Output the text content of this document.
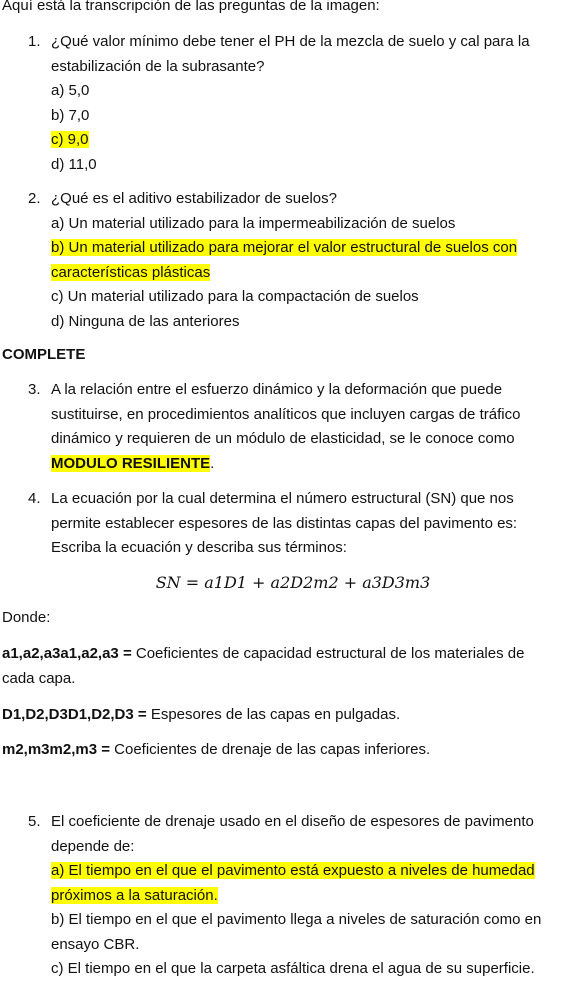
Aquí está la transcripción de las preguntas de la imagen:
1. ¿Qué valor mínimo debe tener el PH de la mezcla de suelo y cal para la
estabilización de la subrasante?
a) 5,0
b) 7,0
c) 9,0
d) 11,0
2. ¿Qué es el aditivo estabilizador de suelos?
a) Un material utilizado para la impermeabilización de suelos
b) Un material utilizado para mejorar el valor estructural de suelos con
características plásticas
c) Un material utilizado para la compactación de suelos
d) Ninguna de las anteriores
COMPLETE
3. A la relación entre el esfuerzo dinámico y la deformación que puede
sustituirse, en procedimientos analíticos que incluyen cargas de tráfico
dinámico y requieren de un módulo de elasticidad, se le conoce como
MODULO RESILIENTE.
4. La ecuación por la cual determina el número estructural (SN) que nos
permite establecer espesores de las distintas capas del pavimento es:
Escriba la ecuación y describa sus términos:
SN = a1D1 + a2D2m2 + a3D3m3
Donde:
a1,a2,a3a1,a2,a3 = Coeficientes de capacidad estructural de los materiales de
cada capa.
D1,D2,D3D1,D2,D3 = Espesores de las capas en pulgadas.
m2,m3m2,m3 = Coeficientes de drenaje de las capas inferiores.
5. El coeficiente de drenaje usado en el diseño de espesores de pavimento
depende de:
a) El tiempo en el que el pavimento está expuesto a niveles de humedad
próximos a la saturación.
b) El tiempo en el que el pavimento llega a niveles de saturación como en
ensayo CBR.
c) El tiempo en el que la carpeta asfáltica drena el agua de su superficie.
